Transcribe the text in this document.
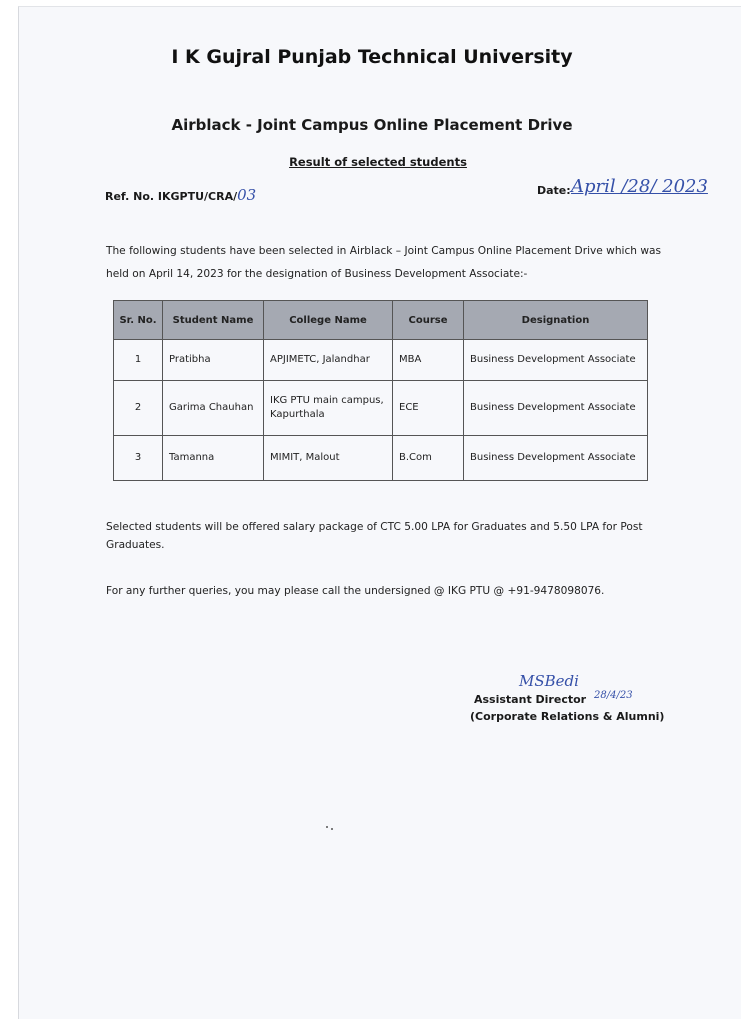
I K Gujral Punjab Technical University
Airblack - Joint Campus Online Placement Drive
Result of selected students
Ref. No. IKGPTU/CRA/03	Date: April /28/ 2023
The following students have been selected in Airblack – Joint Campus Online Placement Drive which was held on April 14, 2023 for the designation of Business Development Associate:-
Sr. No.	Student Name	College Name	Course	Designation
1	Pratibha	APJIMETC, Jalandhar	MBA	Business Development Associate
2	Garima Chauhan	IKG PTU main campus, Kapurthala	ECE	Business Development Associate
3	Tamanna	MIMIT, Malout	B.Com	Business Development Associate
Selected students will be offered salary package of CTC 5.00 LPA for Graduates and 5.50 LPA for Post Graduates.
For any further queries, you may please call the undersigned @ IKG PTU @ +91-9478098076.
MSBedi
28/4/23
Assistant Director
(Corporate Relations & Alumni)
